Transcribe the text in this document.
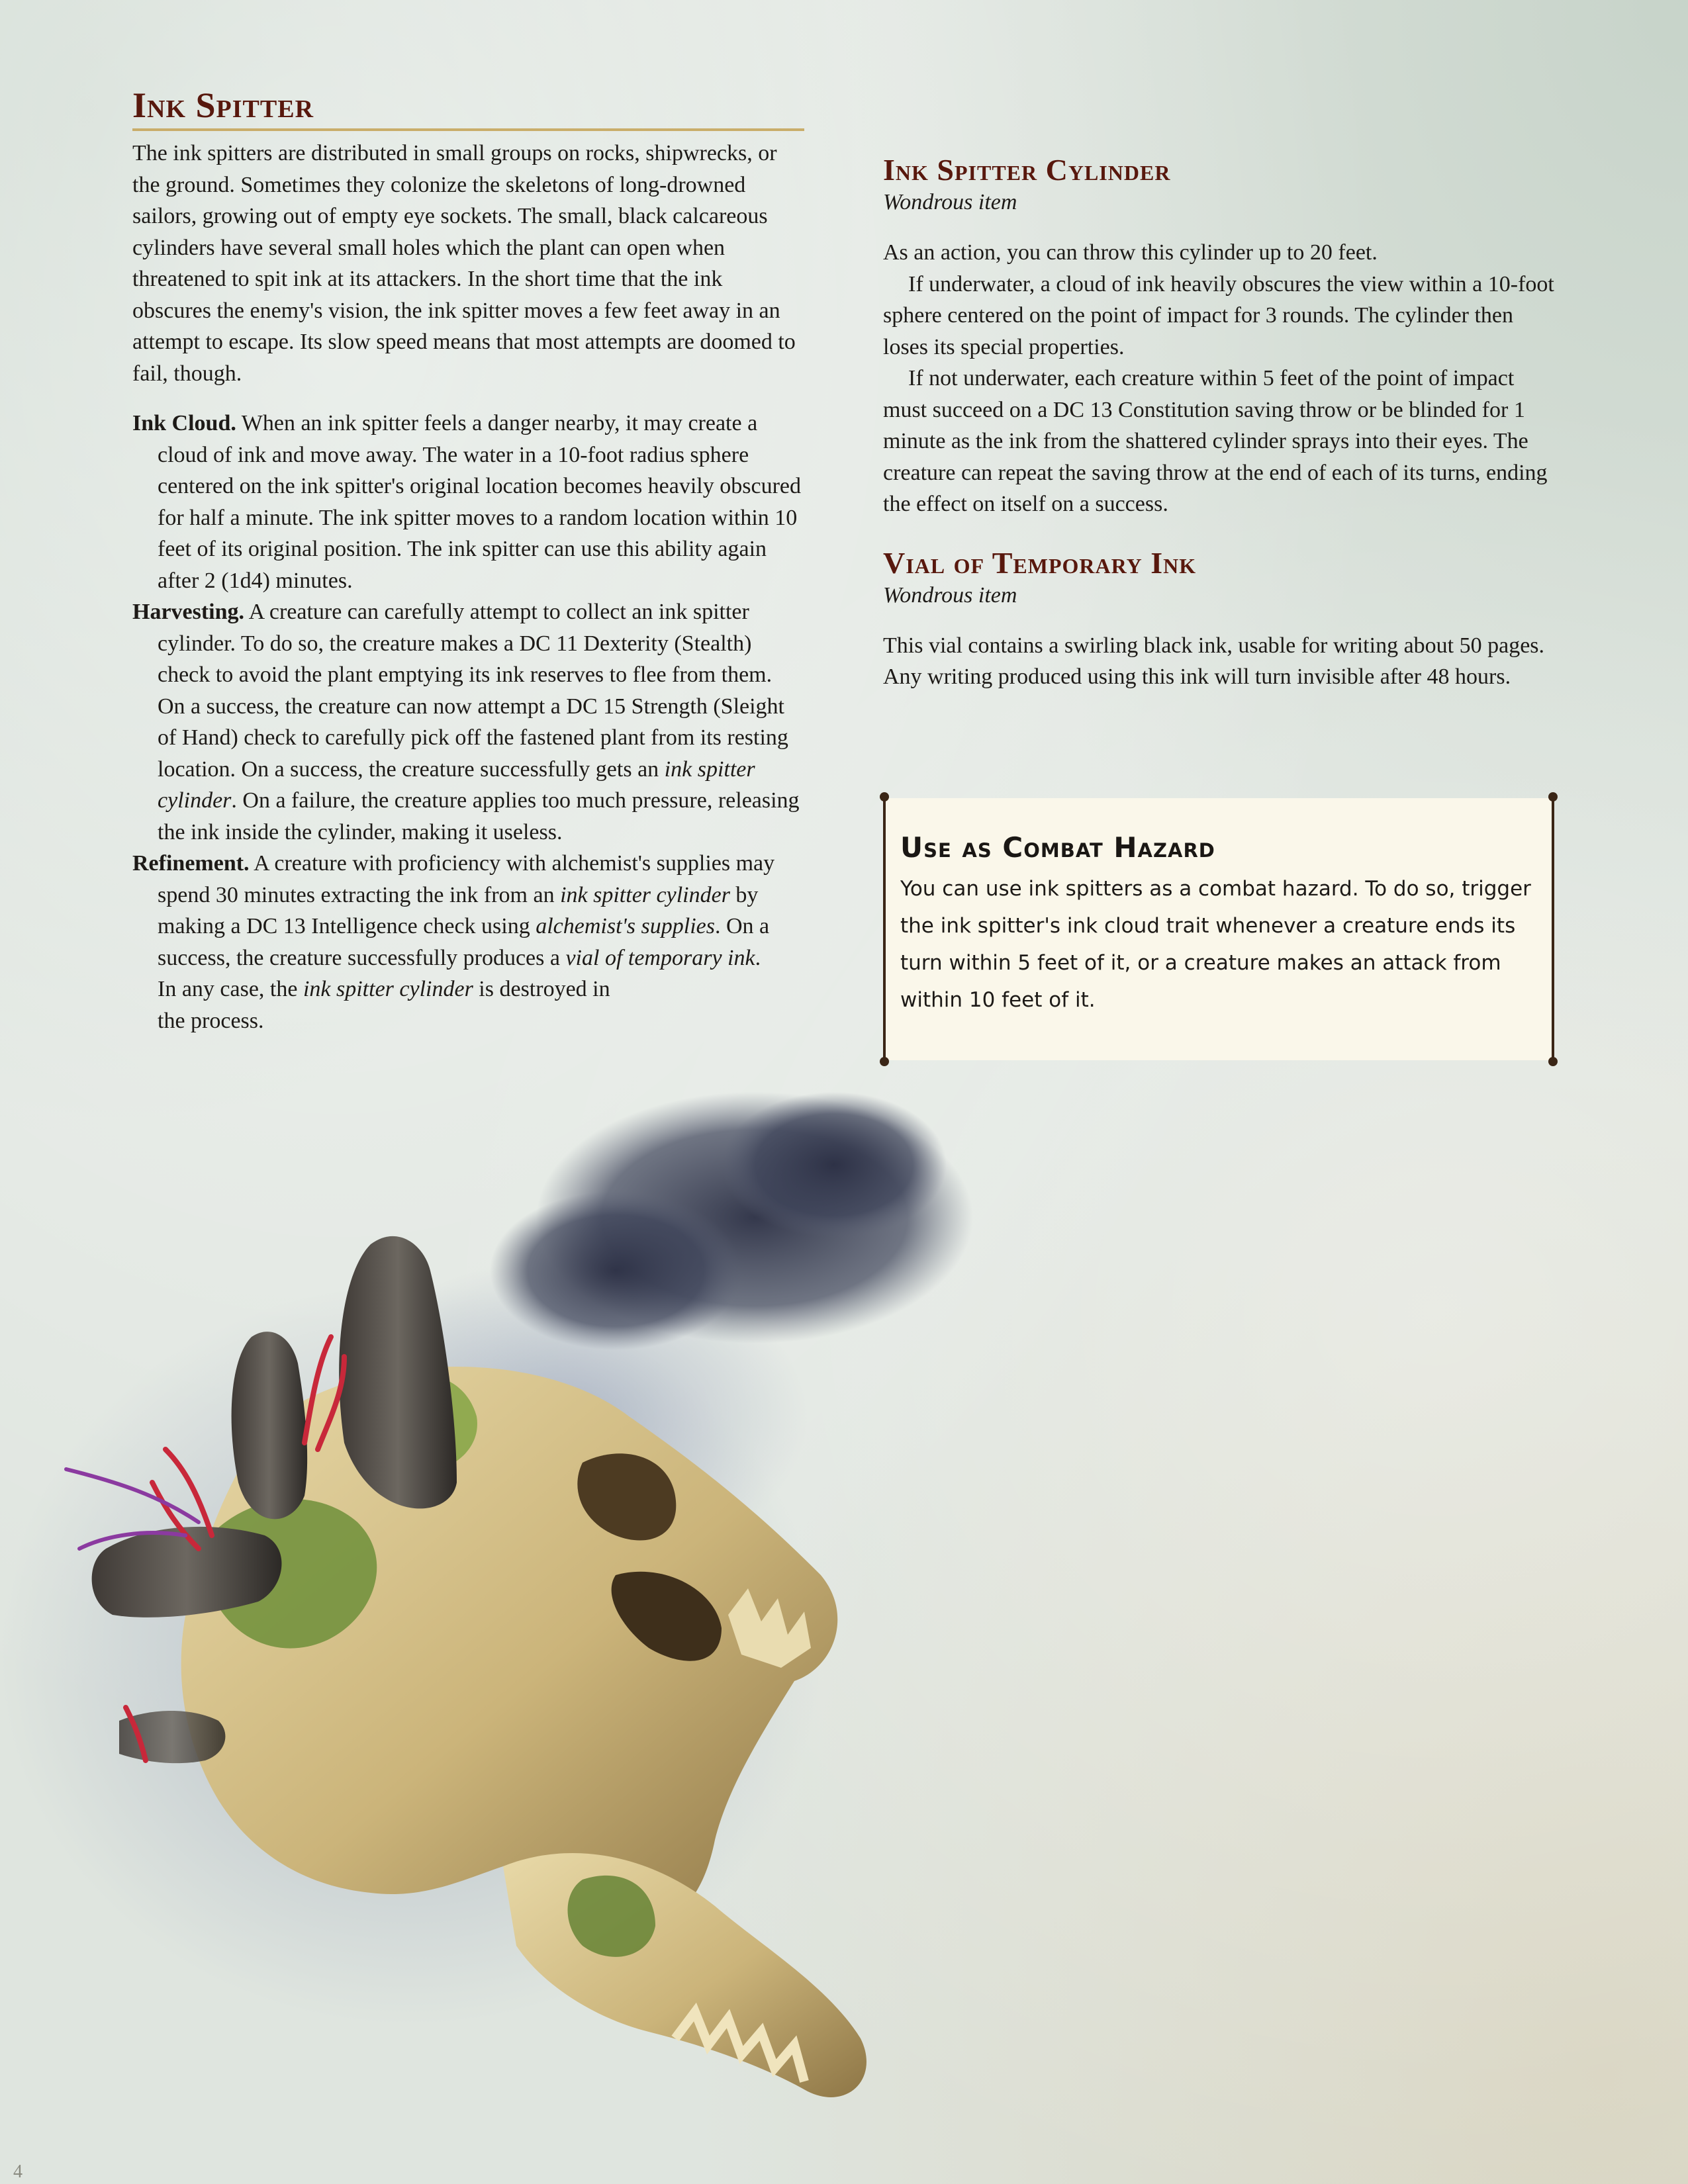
Ink Spitter

The ink spitters are distributed in small groups on rocks, shipwrecks, or the ground. Sometimes they colonize the skeletons of long-drowned sailors, growing out of empty eye sockets. The small, black calcareous cylinders have several small holes which the plant can open when threatened to spit ink at its attackers. In the short time that the ink obscures the enemy's vision, the ink spitter moves a few feet away in an attempt to escape. Its slow speed means that most attempts are doomed to fail, though.

Ink Cloud. When an ink spitter feels a danger nearby, it may create a cloud of ink and move away. The water in a 10-foot radius sphere centered on the ink spitter's original location becomes heavily obscured for half a minute. The ink spitter moves to a random location within 10 feet of its original position. The ink spitter can use this ability again after 2 (1d4) minutes.

Harvesting. A creature can carefully attempt to collect an ink spitter cylinder. To do so, the creature makes a DC 11 Dexterity (Stealth) check to avoid the plant emptying its ink reserves to flee from them. On a success, the creature can now attempt a DC 15 Strength (Sleight of Hand) check to carefully pick off the fastened plant from its resting location. On a success, the creature successfully gets an ink spitter cylinder. On a failure, the creature applies too much pressure, releasing the ink inside the cylinder, making it useless.

Refinement. A creature with proficiency with alchemist's supplies may spend 30 minutes extracting the ink from an ink spitter cylinder by making a DC 13 Intelligence check using alchemist's supplies. On a success, the creature successfully produces a vial of temporary ink.

In any case, the ink spitter cylinder is destroyed in the process.

Ink Spitter Cylinder
Wondrous item

As an action, you can throw this cylinder up to 20 feet.

If underwater, a cloud of ink heavily obscures the view within a 10-foot sphere centered on the point of impact for 3 rounds. The cylinder then loses its special properties.

If not underwater, each creature within 5 feet of the point of impact must succeed on a DC 13 Constitution saving throw or be blinded for 1 minute as the ink from the shattered cylinder sprays into their eyes. The creature can repeat the saving throw at the end of each of its turns, ending the effect on itself on a success.

Vial of Temporary Ink
Wondrous item

This vial contains a swirling black ink, usable for writing about 50 pages. Any writing produced using this ink will turn invisible after 48 hours.

Use as Combat Hazard
You can use ink spitters as a combat hazard. To do so, trigger the ink spitter's ink cloud trait whenever a creature ends its turn within 5 feet of it, or a creature makes an attack from within 10 feet of it.
4
